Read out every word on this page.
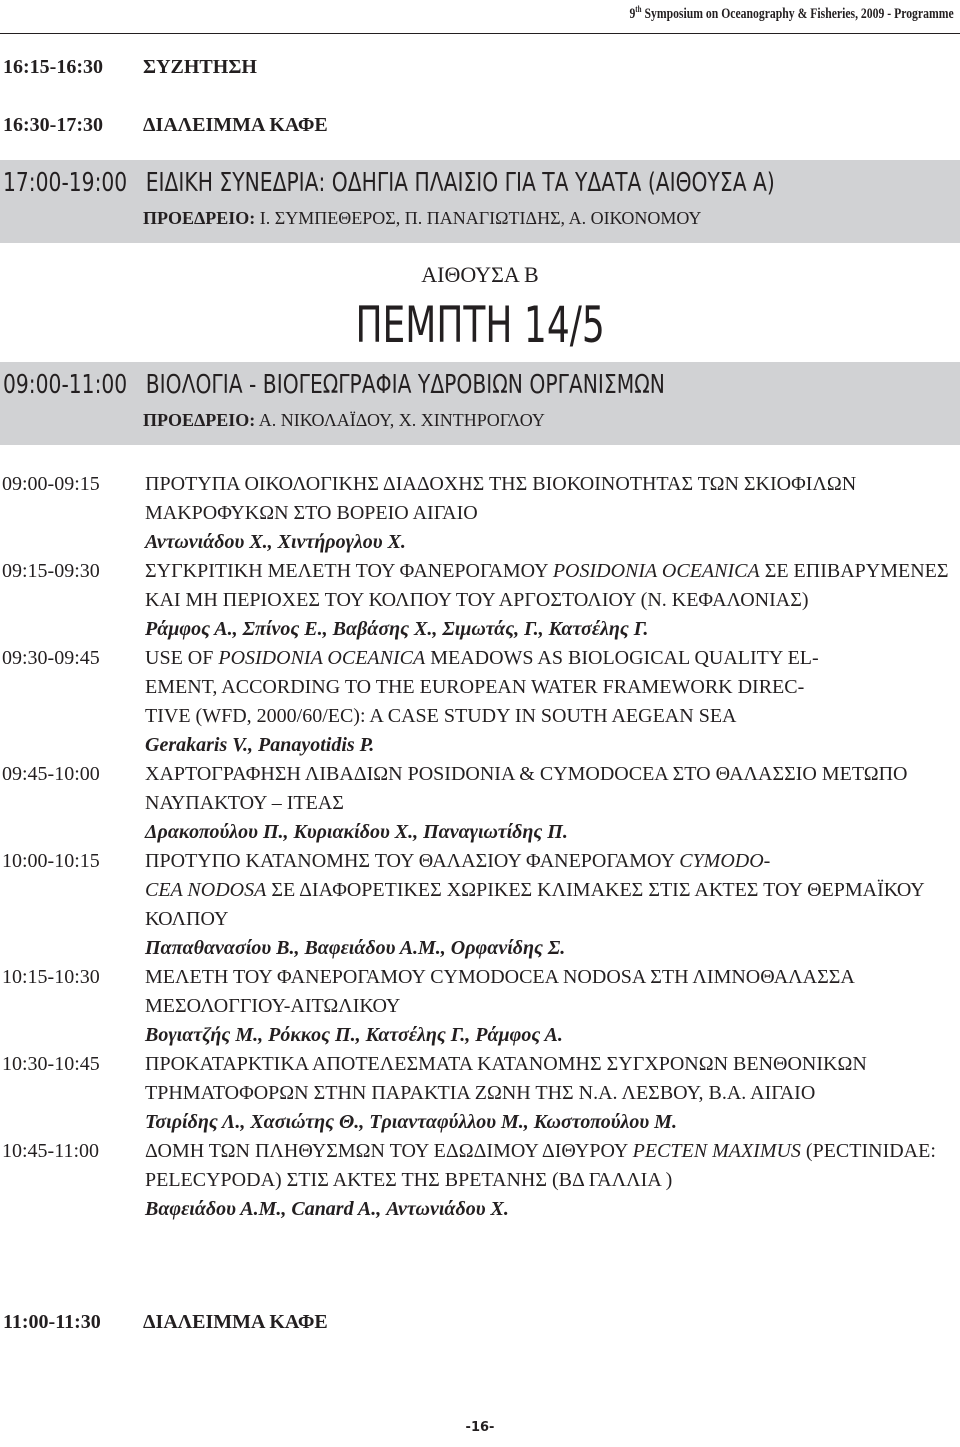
9th Symposium on Oceanography & Fisheries, 2009 - Programme
16:15-16:30 ΣΥΖΗΤΗΣΗ
16:30-17:30 ΔΙΑΛΕΙΜΜΑ ΚΑΦΕ
17:00-19:00 ΕΙΔΙΚΗ ΣΥΝΕΔΡΙΑ: ΟΔΗΓΙΑ ΠΛΑΙΣΙΟ ΓΙΑ ΤΑ ΥΔΑΤΑ (ΑΙΘΟΥΣΑ Α)
ΠΡΟΕΔΡΕΙΟ: Ι. ΣΥΜΠΕΘΕΡΟΣ, Π. ΠΑΝΑΓΙΩΤΙΔΗΣ, Α. ΟΙΚΟΝΟΜΟΥ
ΑΙΘΟΥΣΑ Β
ΠΕΜΠΤΗ 14/5
09:00-11:00 ΒΙΟΛΟΓΙΑ - ΒΙΟΓΕΩΓΡΑΦΙΑ ΥΔΡΟΒΙΩΝ ΟΡΓΑΝΙΣΜΩΝ
ΠΡΟΕΔΡΕΙΟ: Α. ΝΙΚΟΛΑΪΔΟΥ, Χ. ΧΙΝΤΗΡΟΓΛΟΥ
09:00-09:15	ΠΡΟΤΥΠΑ ΟΙΚΟΛΟΓΙΚΗΣ ΔΙΑΔΟΧΗΣ ΤΗΣ ΒΙΟΚΟΙΝΟΤΗΤΑΣ ΤΩΝ ΣΚΙΟΦΙΛΩΝ ΜΑΚΡΟΦΥΚΩΝ ΣΤΟ ΒΟΡΕΙΟ ΑΙΓΑΙΟ
Αντωνιάδου Χ., Χιντήρογλου Χ.
09:15-09:30	ΣΥΓΚΡΙΤΙΚΗ ΜΕΛΕΤΗ ΤΟΥ ΦΑΝΕΡΟΓΑΜΟΥ POSIDONIA OCEANICA ΣΕ ΕΠΙΒΑΡΥΜΕΝΕΣ ΚΑΙ ΜΗ ΠΕΡΙΟΧΕΣ ΤΟΥ ΚΟΛΠΟΥ ΤΟΥ ΑΡΓΟΣΤΟΛΙΟΥ (Ν. ΚΕΦΑΛΟΝΙΑΣ)
Ράμφος Α., Σπίνος Ε., Βαβάσης Χ., Σιμωτάς, Γ., Κατσέλης Γ.
09:30-09:45	USE OF POSIDONIA OCEANICA MEADOWS AS BIOLOGICAL QUALITY EL-
EMENT, ACCORDING TO THE EUROPEAN WATER FRAMEWORK DIREC-
TIVE (WFD, 2000/60/EC): A CASE STUDY IN SOUTH AEGEAN SEA
Gerakaris V., Panayotidis P.
09:45-10:00	ΧΑΡΤΟΓΡΑΦΗΣΗ ΛΙΒΑΔΙΩΝ POSIDONIA & CYMODOCEA ΣΤΟ ΘΑΛΑΣΣΙΟ ΜΕΤΩΠΟ ΝΑΥΠΑΚΤΟΥ – ΙΤΕΑΣ
Δρακοπούλου Π., Κυριακίδου Χ., Παναγιωτίδης Π.
10:00-10:15	ΠΡΟΤΥΠΟ ΚΑΤΑΝΟΜΗΣ ΤΟΥ ΘΑΛΑΣΙΟΥ ΦΑΝΕΡΟΓΑΜΟΥ CYMODO-
CEA NODOSA ΣΕ ΔΙΑΦΟΡΕΤΙΚΕΣ ΧΩΡΙΚΕΣ ΚΛΙΜΑΚΕΣ ΣΤΙΣ ΑΚΤΕΣ ΤΟΥ ΘΕΡΜΑΪΚΟΥ ΚΟΛΠΟΥ
Παπαθανασίου Β., Βαφειάδου Α.Μ., Ορφανίδης Σ.
10:15-10:30	ΜΕΛΕΤΗ ΤΟΥ ΦΑΝΕΡΟΓΑΜΟΥ CYMODOCEA NODOSA ΣΤΗ ΛΙΜΝΟΘΑΛΑΣΣΑ ΜΕΣΟΛΟΓΓΙΟΥ-ΑΙΤΩΛΙΚΟΥ
Βογιατζής Μ., Ρόκκος Π., Κατσέλης Γ., Ράμφος Α.
10:30-10:45	ΠΡΟΚΑΤΑΡΚΤΙΚΑ ΑΠΟΤΕΛΕΣΜΑΤΑ ΚΑΤΑΝΟΜΗΣ ΣΥΓΧΡΟΝΩΝ ΒΕΝΘΟΝΙΚΩΝ ΤΡΗΜΑΤΟΦΟΡΩΝ ΣΤΗΝ ΠΑΡΑΚΤΙΑ ΖΩΝΗ ΤΗΣ Ν.Α. ΛΕΣΒΟΥ, Β.Α. ΑΙΓΑΙΟ
Τσιρίδης Λ., Χασιώτης Θ., Τριανταφύλλου Μ., Κωστοπούλου Μ.
10:45-11:00	ΔΟΜΗ ΤΩΝ ΠΛΗΘΥΣΜΩΝ ΤΟΥ ΕΔΩΔΙΜΟΥ ΔΙΘΥΡΟΥ PECTEN MAXIMUS (PECTINIDAE: PELECYPODA) ΣΤΙΣ ΑΚΤΕΣ ΤΗΣ ΒΡΕΤΑΝΗΣ (ΒΔ ΓΑΛΛΙΑ )
Βαφειάδου Α.Μ., Canard A., Αντωνιάδου Χ.
11:00-11:30 ΔΙΑΛΕΙΜΜΑ ΚΑΦΕ
-16-
